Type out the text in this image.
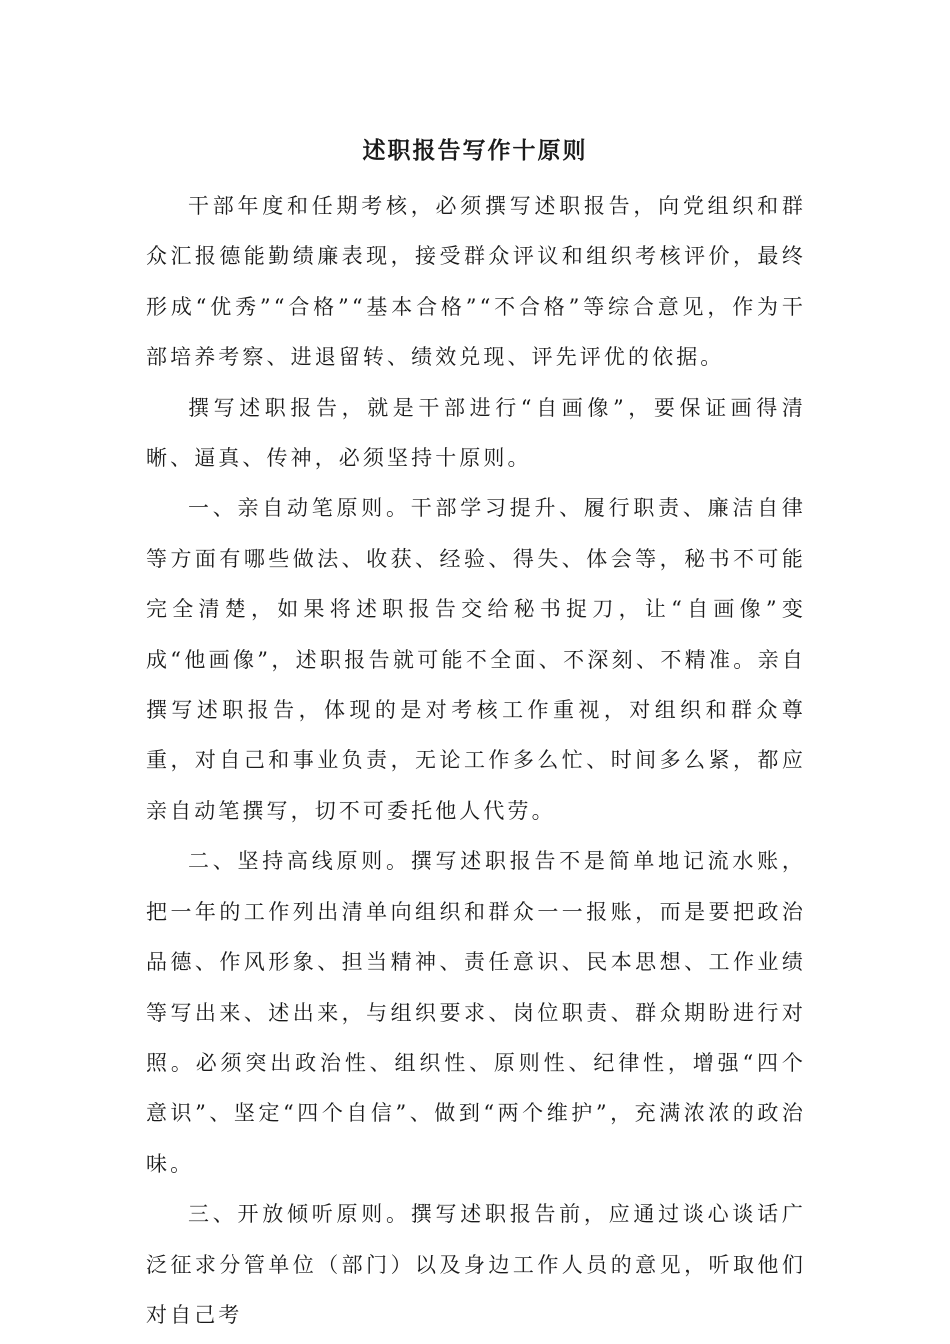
述职报告写作十原则

干部年度和任期考核，必须撰写述职报告，向党组织和群众汇报德能勤绩廉表现，接受群众评议和组织考核评价，最终形成“优秀”“合格”“基本合格”“不合格”等综合意见，作为干部培养考察、进退留转、绩效兑现、评先评优的依据。

撰写述职报告，就是干部进行“自画像”，要保证画得清晰、逼真、传神，必须坚持十原则。

一、亲自动笔原则。干部学习提升、履行职责、廉洁自律等方面有哪些做法、收获、经验、得失、体会等，秘书不可能完全清楚，如果将述职报告交给秘书捉刀，让“自画像”变成“他画像”，述职报告就可能不全面、不深刻、不精准。亲自撰写述职报告，体现的是对考核工作重视，对组织和群众尊重，对自己和事业负责，无论工作多么忙、时间多么紧，都应亲自动笔撰写，切不可委托他人代劳。

二、坚持高线原则。撰写述职报告不是简单地记流水账，把一年的工作列出清单向组织和群众一一报账，而是要把政治品德、作风形象、担当精神、责任意识、民本思想、工作业绩等写出来、述出来，与组织要求、岗位职责、群众期盼进行对照。必须突出政治性、组织性、原则性、纪律性，增强“四个意识”、坚定“四个自信”、做到“两个维护”，充满浓浓的政治味。

三、开放倾听原则。撰写述职报告前，应通过谈心谈话广泛征求分管单位（部门）以及身边工作人员的意见，听取他们对自己考
